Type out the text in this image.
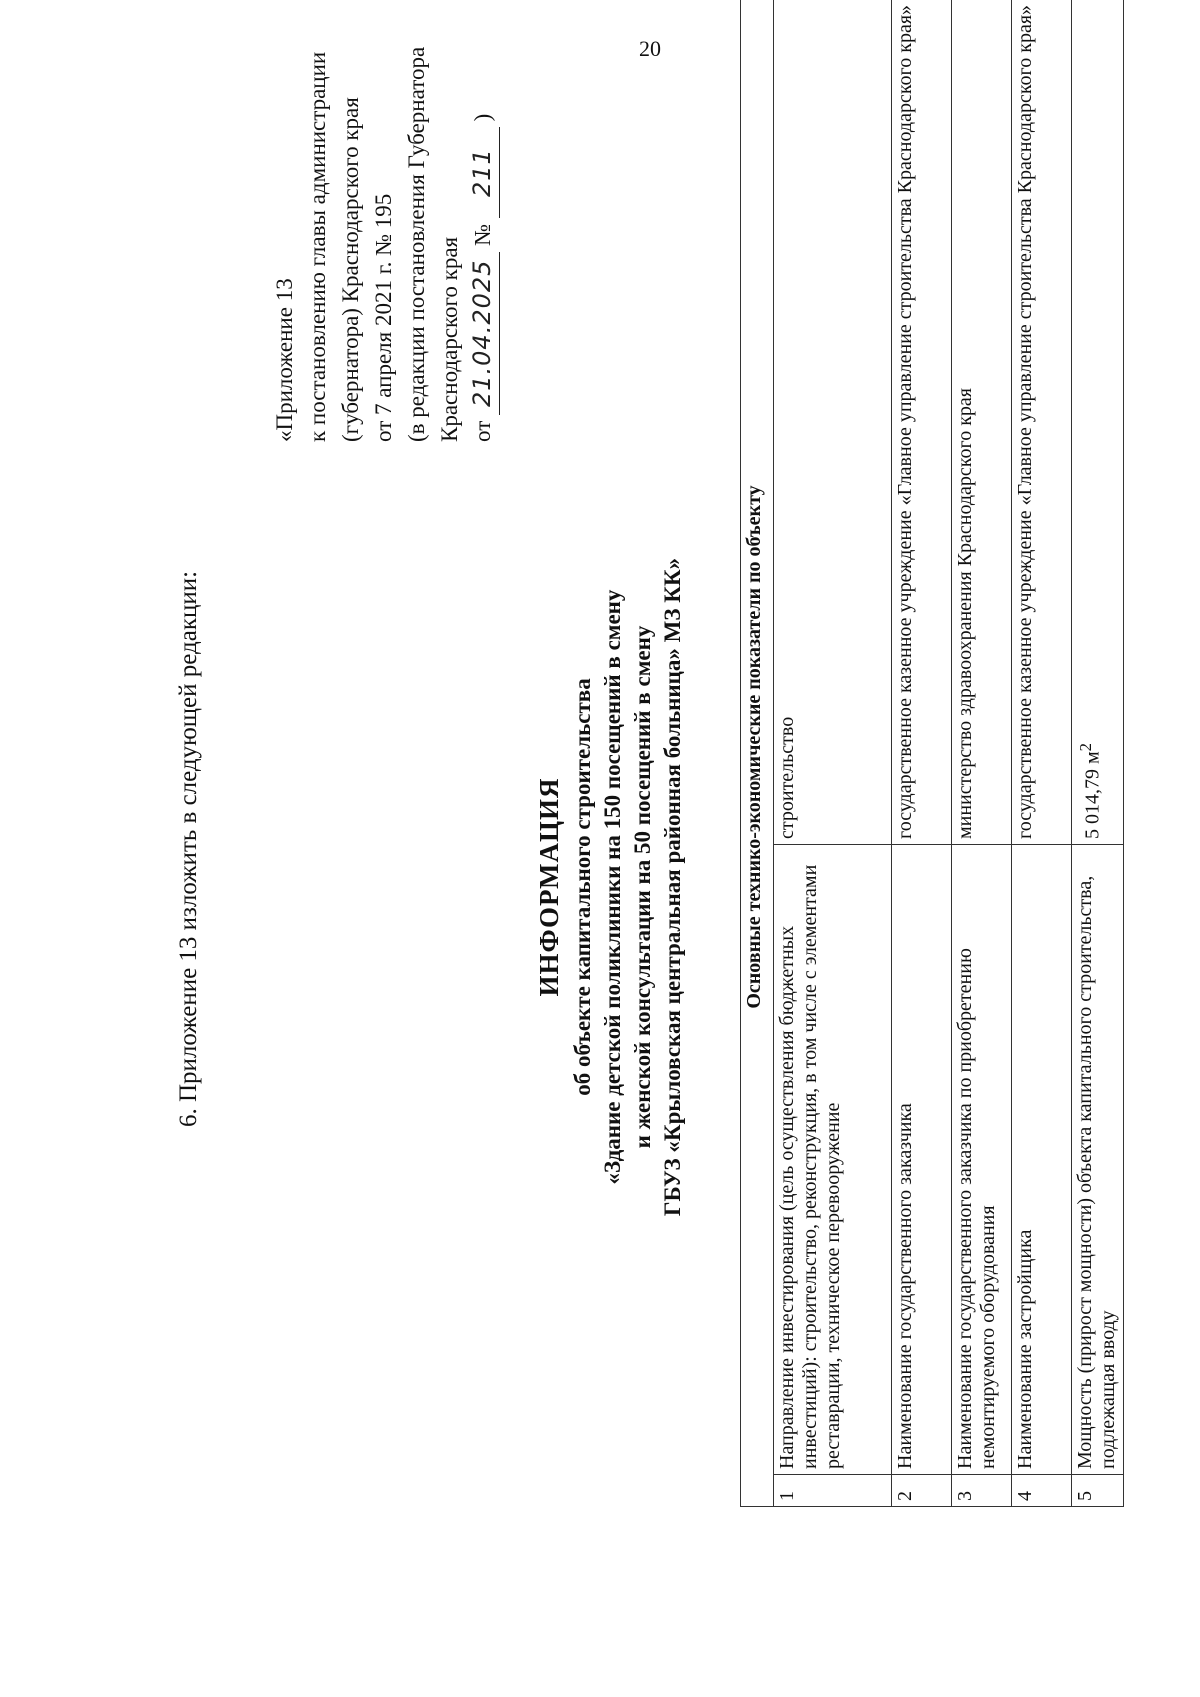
20
6. Приложение 13 изложить в следующей редакции:
«Приложение 13 к постановлению главы администрации (губернатора) Краснодарского края от 7 апреля 2021 г. № 195 (в редакции постановления Губернатора Краснодарского края от 21.04.2025 № 211 )
ИНФОРМАЦИЯ об объекте капитального строительства «Здание детской поликлиники на 150 посещений в смену и женской консультации на 50 посещений в смену ГБУЗ «Крыловская центральная районная больница» МЗ КК»	Основные технико-экономические показатели по объекту		
1	Направление инвестирования (цель осуществления бюджетных инвестиций): строительство, реконструкция, в том числе с элементами реставрации, техническое перевооружение	строительство
2	Наименование государственного заказчика	государственное казенное учреждение «Главное управление строительства Краснодарского края»
3	Наименование государственного заказчика по приобретению немонтируемого оборудования	министерство здравоохранения Краснодарского края
4	Наименование застройщика	государственное казенное учреждение «Главное управление строительства Краснодарского края»
5	Мощность (прирост мощности) объекта капитального строительства, подлежащая вводу	5 014,79 $м^2$
